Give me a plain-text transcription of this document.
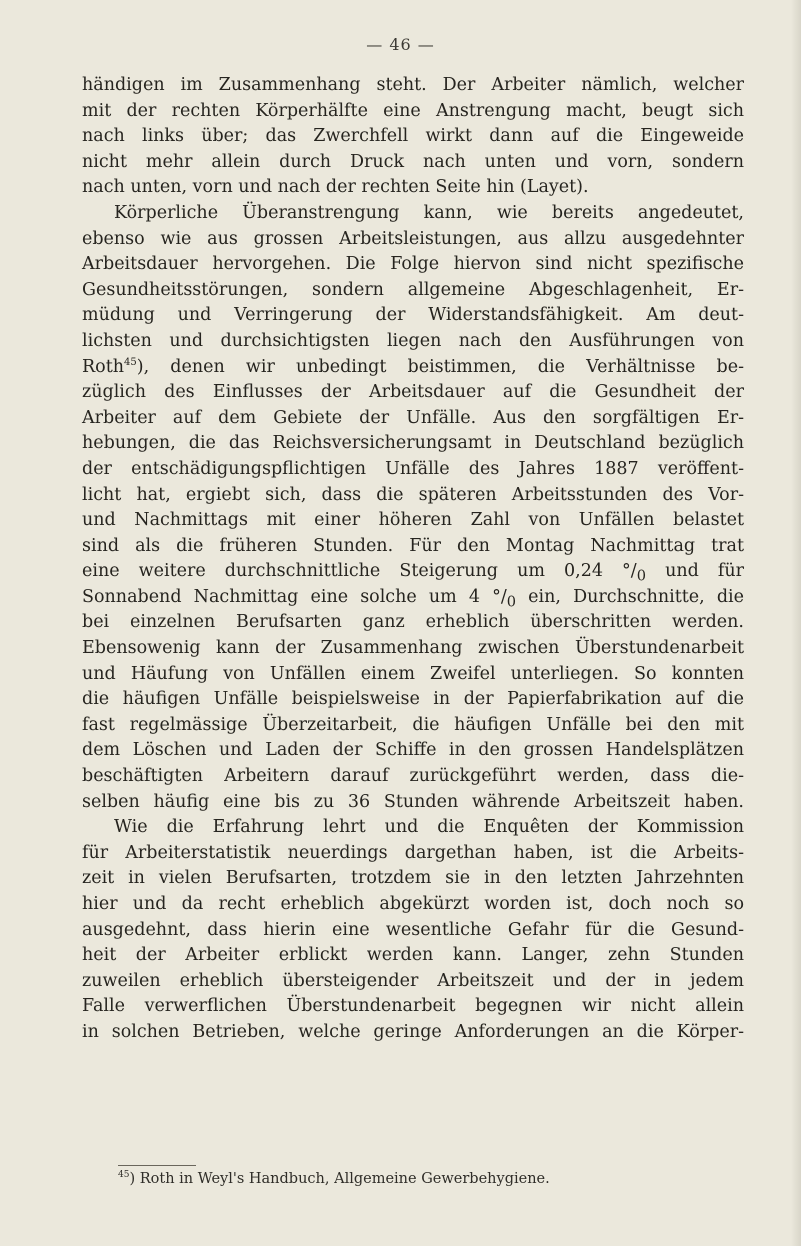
— 46 —
händigen im Zusammenhang steht. Der Arbeiter nämlich, welcher
mit der rechten Körperhälfte eine Anstrengung macht, beugt sich
nach links über; das Zwerchfell wirkt dann auf die Eingeweide
nicht mehr allein durch Druck nach unten und vorn, sondern
nach unten, vorn und nach der rechten Seite hin (Layet).
Körperliche Überanstrengung kann, wie bereits angedeutet,
ebenso wie aus grossen Arbeitsleistungen, aus allzu ausgedehnter
Arbeitsdauer hervorgehen. Die Folge hiervon sind nicht spezifische
Gesundheitsstörungen, sondern allgemeine Abgeschlagenheit, Er-
müdung und Verringerung der Widerstandsfähigkeit. Am deut-
lichsten und durchsichtigsten liegen nach den Ausführungen von
Roth$^{45}$), denen wir unbedingt beistimmen, die Verhältnisse be-
züglich des Einflusses der Arbeitsdauer auf die Gesundheit der
Arbeiter auf dem Gebiete der Unfälle. Aus den sorgfältigen Er-
hebungen, die das Reichsversicherungsamt in Deutschland bezüglich
der entschädigungspflichtigen Unfälle des Jahres 1887 veröffent-
licht hat, ergiebt sich, dass die späteren Arbeitsstunden des Vor-
und Nachmittags mit einer höheren Zahl von Unfällen belastet
sind als die früheren Stunden. Für den Montag Nachmittag trat
eine weitere durchschnittliche Steigerung um 0,24 $^\circ/_0$ und für
Sonnabend Nachmittag eine solche um 4 $^\circ/_0$ ein, Durchschnitte, die
bei einzelnen Berufsarten ganz erheblich überschritten werden.
Ebensowenig kann der Zusammenhang zwischen Überstundenarbeit
und Häufung von Unfällen einem Zweifel unterliegen. So konnten
die häufigen Unfälle beispielsweise in der Papierfabrikation auf die
fast regelmässige Überzeitarbeit, die häufigen Unfälle bei den mit
dem Löschen und Laden der Schiffe in den grossen Handelsplätzen
beschäftigten Arbeitern darauf zurückgeführt werden, dass die-
selben häufig eine bis zu 36 Stunden währende Arbeitszeit haben.
Wie die Erfahrung lehrt und die Enquêten der Kommission
für Arbeiterstatistik neuerdings dargethan haben, ist die Arbeits-
zeit in vielen Berufsarten, trotzdem sie in den letzten Jahrzehnten
hier und da recht erheblich abgekürzt worden ist, doch noch so
ausgedehnt, dass hierin eine wesentliche Gefahr für die Gesund-
heit der Arbeiter erblickt werden kann. Langer, zehn Stunden
zuweilen erheblich übersteigender Arbeitszeit und der in jedem
Falle verwerflichen Überstundenarbeit begegnen wir nicht allein
in solchen Betrieben, welche geringe Anforderungen an die Körper-
$^{45}$) Roth in Weyl's Handbuch, Allgemeine Gewerbehygiene.
